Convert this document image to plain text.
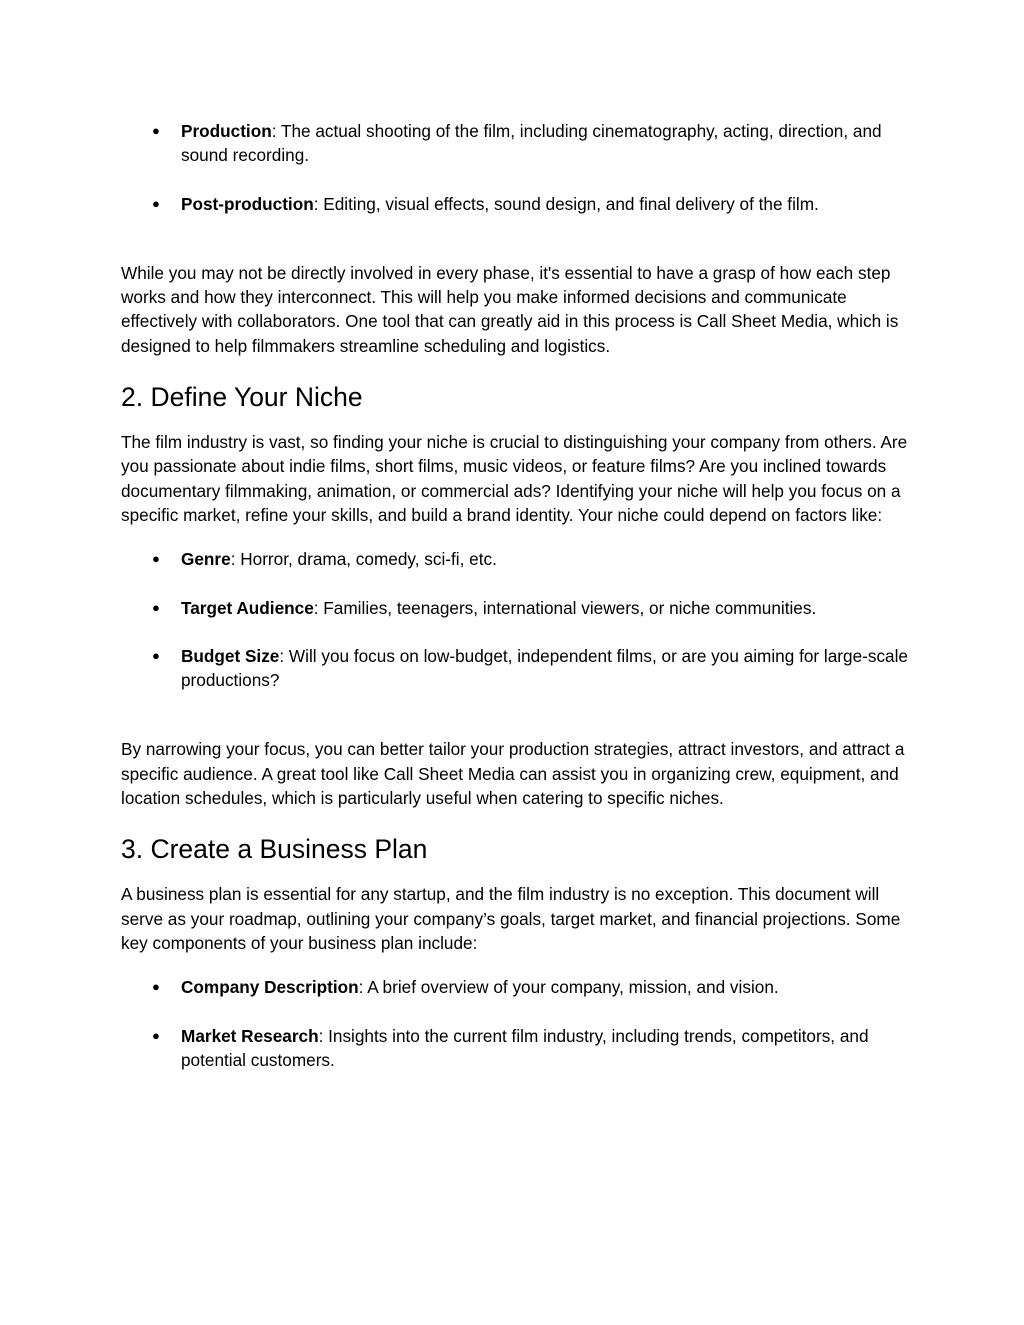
● Production: The actual shooting of the film, including cinematography, acting, direction, and sound recording.
● Post-production: Editing, visual effects, sound design, and final delivery of the film.

While you may not be directly involved in every phase, it's essential to have a grasp of how each step works and how they interconnect. This will help you make informed decisions and communicate effectively with collaborators. One tool that can greatly aid in this process is Call Sheet Media, which is designed to help filmmakers streamline scheduling and logistics.

2. Define Your Niche

The film industry is vast, so finding your niche is crucial to distinguishing your company from others. Are you passionate about indie films, short films, music videos, or feature films? Are you inclined towards documentary filmmaking, animation, or commercial ads? Identifying your niche will help you focus on a specific market, refine your skills, and build a brand identity. Your niche could depend on factors like:

● Genre: Horror, drama, comedy, sci-fi, etc.
● Target Audience: Families, teenagers, international viewers, or niche communities.
● Budget Size: Will you focus on low-budget, independent films, or are you aiming for large-scale productions?

By narrowing your focus, you can better tailor your production strategies, attract investors, and attract a specific audience. A great tool like Call Sheet Media can assist you in organizing crew, equipment, and location schedules, which is particularly useful when catering to specific niches.

3. Create a Business Plan

A business plan is essential for any startup, and the film industry is no exception. This document will serve as your roadmap, outlining your company’s goals, target market, and financial projections. Some key components of your business plan include:

● Company Description: A brief overview of your company, mission, and vision.
● Market Research: Insights into the current film industry, including trends, competitors, and potential customers.
